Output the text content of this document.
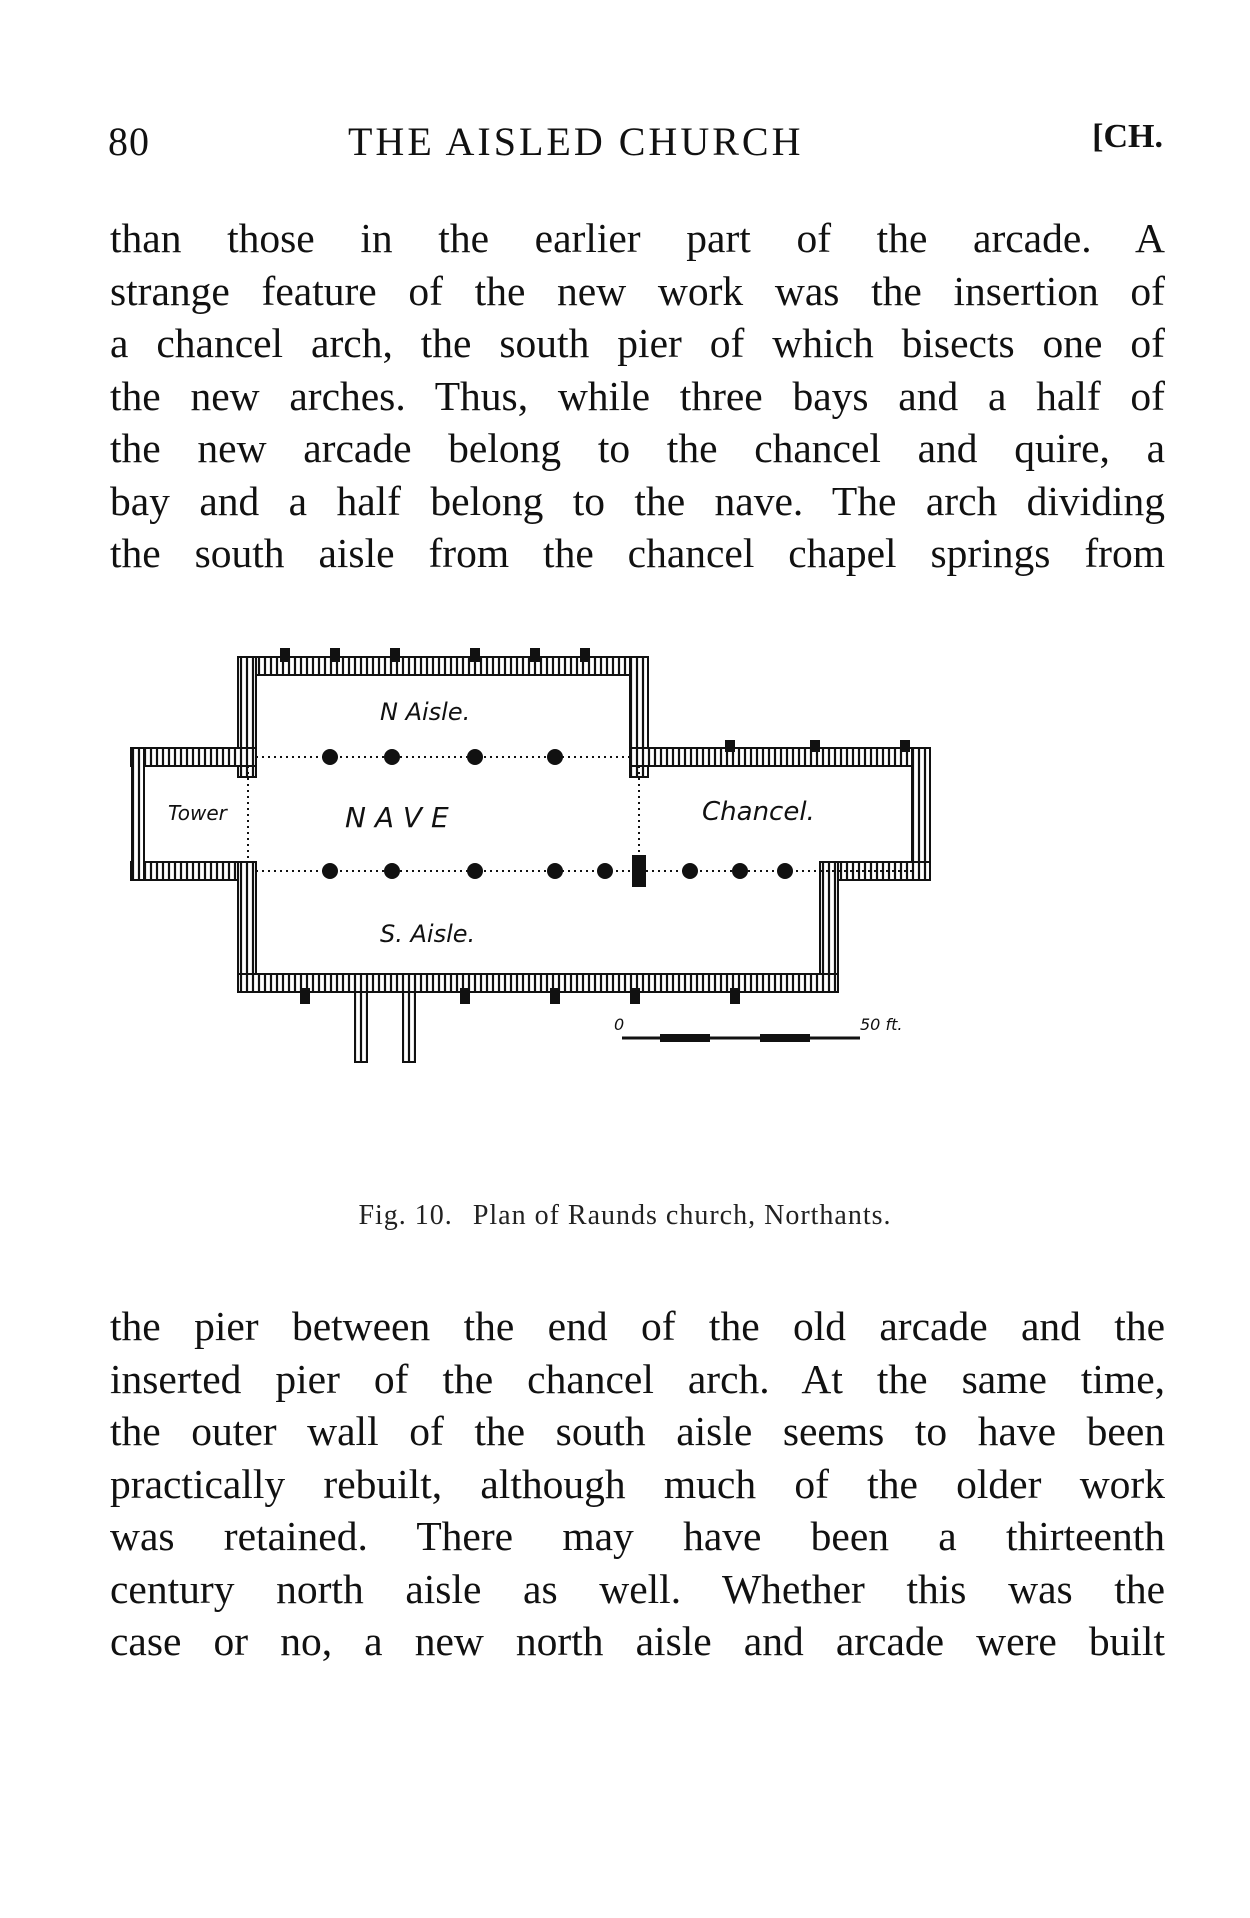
80	THE AISLED CHURCH	[CH.
than those in the earlier part of the arcade. A
strange feature of the new work was the insertion of
a chancel arch, the south pier of which bisects one of
the new arches. Thus, while three bays and a half of
the new arcade belong to the chancel and quire, a
bay and a half belong to the nave. The arch dividing
the south aisle from the chancel chapel springs from
N Aisle.
N A V E
Tower	Chancel.
S. Aisle.
0	50 ft.
Fig. 10. Plan of Raunds church, Northants.
the pier between the end of the old arcade and the
inserted pier of the chancel arch. At the same time,
the outer wall of the south aisle seems to have been
practically rebuilt, although much of the older work
was retained. There may have been a thirteenth
century north aisle as well. Whether this was the
case or no, a new north aisle and arcade were built
